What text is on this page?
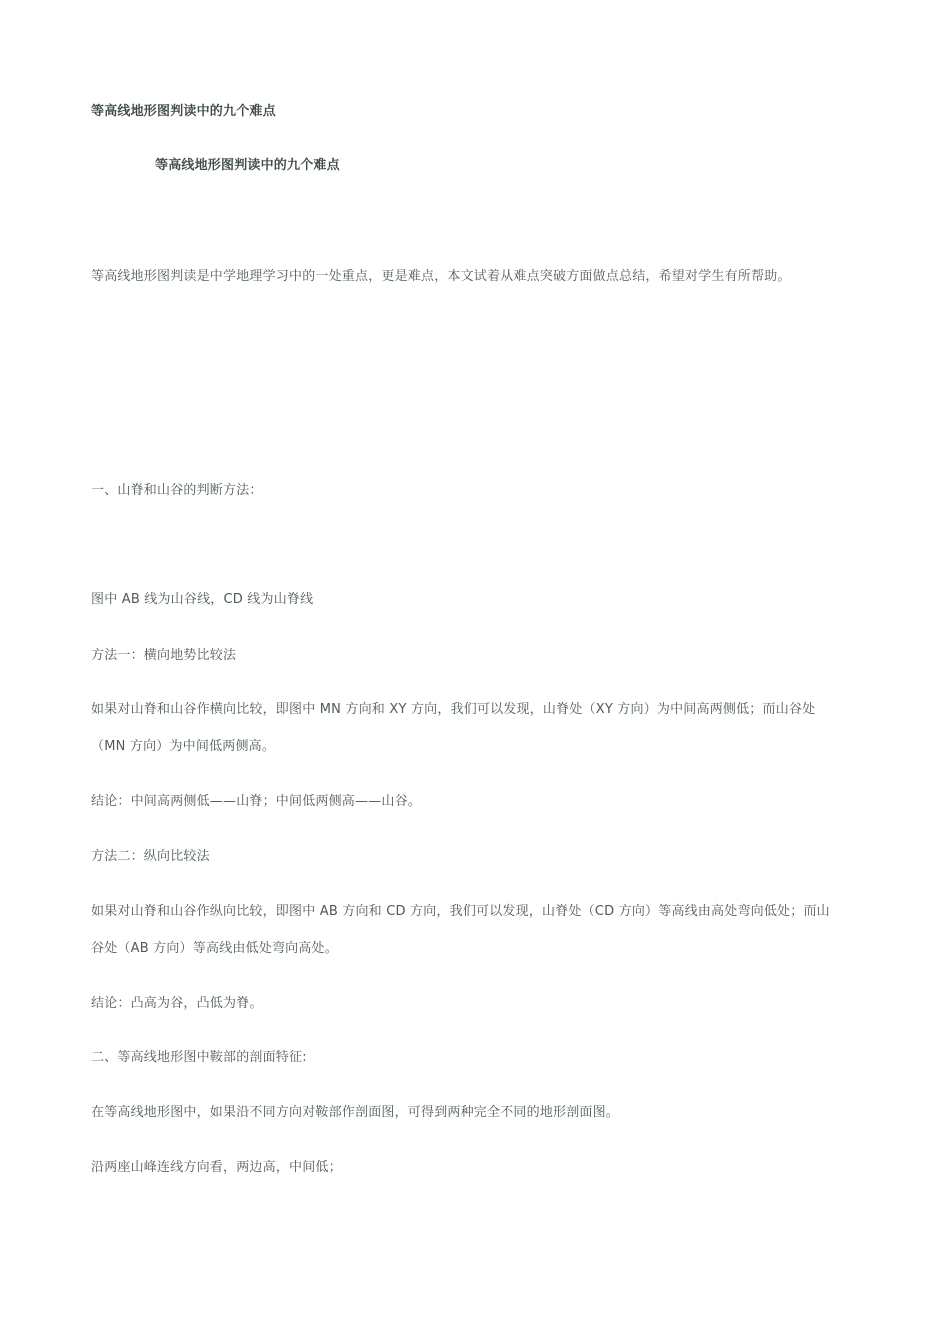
等高线地形图判读中的九个难点
等高线地形图判读中的九个难点
等高线地形图判读是中学地理学习中的一处重点，更是难点，本文试着从难点突破方面做点总结，希望对学生有所帮助。
一、山脊和山谷的判断方法：
图中 AB 线为山谷线，CD 线为山脊线
方法一：横向地势比较法
如果对山脊和山谷作横向比较，即图中 MN 方向和 XY 方向，我们可以发现，山脊处（XY 方向）为中间高两侧低；而山谷处
（MN 方向）为中间低两侧高。
结论：中间高两侧低——山脊；中间低两侧高——山谷。
方法二：纵向比较法
如果对山脊和山谷作纵向比较，即图中 AB 方向和 CD 方向，我们可以发现，山脊处（CD 方向）等高线由高处弯向低处；而山
谷处（AB 方向）等高线由低处弯向高处。
结论：凸高为谷，凸低为脊。
二、等高线地形图中鞍部的剖面特征:
在等高线地形图中，如果沿不同方向对鞍部作剖面图，可得到两种完全不同的地形剖面图。
沿两座山峰连线方向看，两边高，中间低；
